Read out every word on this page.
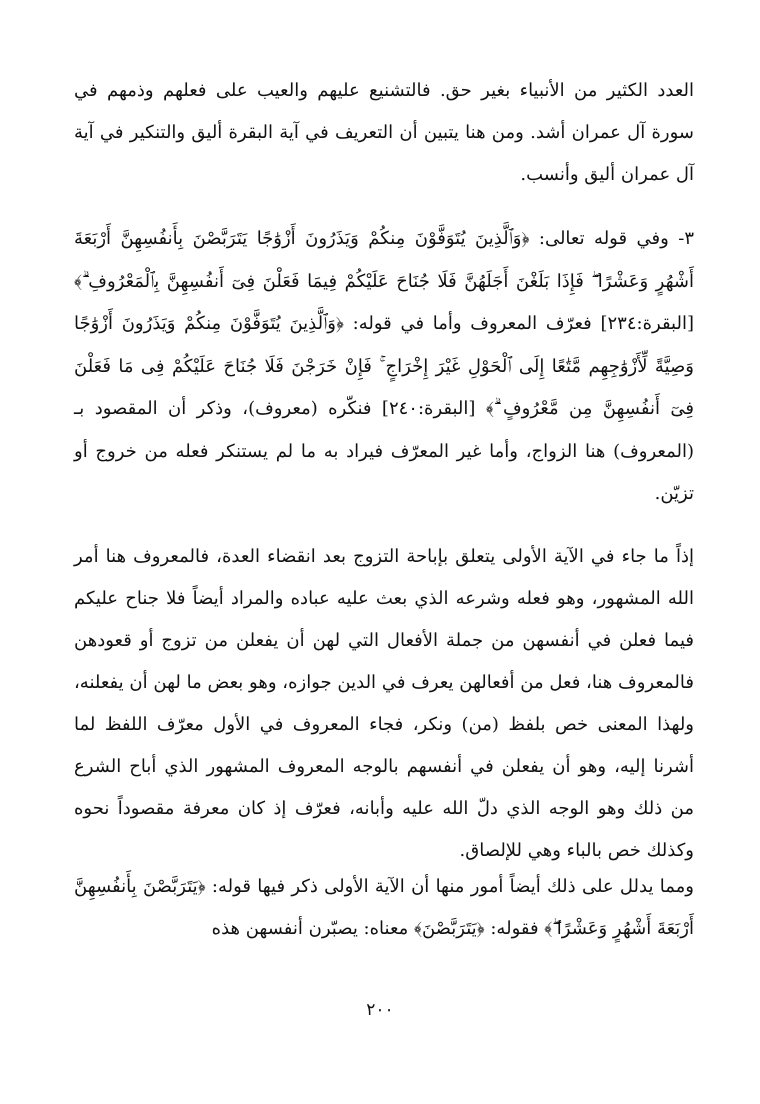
العدد الكثير من الأنبياء بغير حق. فالتشنيع عليهم والعيب على فعلهم وذمهم في سورة آل عمران أشد. ومن هنا يتبين أن التعريف في آية البقرة أليق والتنكير في آية آل عمران أليق وأنسب.

٣- وفي قوله تعالى: ﴿وَٱلَّذِينَ يُتَوَفَّوْنَ مِنكُمْ وَيَذَرُونَ أَزْوَٰجًا يَتَرَبَّصْنَ بِأَنفُسِهِنَّ أَرْبَعَةَ أَشْهُرٍ وَعَشْرًا ۖ فَإِذَا بَلَغْنَ أَجَلَهُنَّ فَلَا جُنَاحَ عَلَيْكُمْ فِيمَا فَعَلْنَ فِىٓ أَنفُسِهِنَّ بِٱلْمَعْرُوفِ ۗ﴾ [البقرة:٢٣٤] فعرّف المعروف وأما في قوله: ﴿وَٱلَّذِينَ يُتَوَفَّوْنَ مِنكُمْ وَيَذَرُونَ أَزْوَٰجًا وَصِيَّةً لِّأَزْوَٰجِهِم مَّتَٰعًا إِلَى ٱلْحَوْلِ غَيْرَ إِخْرَاجٍ ۚ فَإِنْ خَرَجْنَ فَلَا جُنَاحَ عَلَيْكُمْ فِى مَا فَعَلْنَ فِىٓ أَنفُسِهِنَّ مِن مَّعْرُوفٍ ۗ﴾ [البقرة:٢٤٠] فنكّره (معروف)، وذكر أن المقصود بـ (المعروف) هنا الزواج، وأما غير المعرّف فيراد به ما لم يستنكر فعله من خروج أو تزيّن.

إذاً ما جاء في الآية الأولى يتعلق بإباحة التزوج بعد انقضاء العدة، فالمعروف هنا أمر الله المشهور، وهو فعله وشرعه الذي بعث عليه عباده والمراد أيضاً فلا جناح عليكم فيما فعلن في أنفسهن من جملة الأفعال التي لهن أن يفعلن من تزوج أو قعودهن فالمعروف هنا، فعل من أفعالهن يعرف في الدين جوازه، وهو بعض ما لهن أن يفعلنه، ولهذا المعنى خص بلفظ (من) ونكر، فجاء المعروف في الأول معرّف اللفظ لما أشرنا إليه، وهو أن يفعلن في أنفسهم بالوجه المعروف المشهور الذي أباح الشرع من ذلك وهو الوجه الذي دلّ الله عليه وأبانه، فعرّف إذ كان معرفة مقصوداً نحوه وكذلك خص بالباء وهي للإلصاق.

ومما يدلل على ذلك أيضاً أمور منها أن الآية الأولى ذكر فيها قوله: ﴿يَتَرَبَّصْنَ بِأَنفُسِهِنَّ أَرْبَعَةَ أَشْهُرٍ وَعَشْرًا ۖ﴾ فقوله: ﴿يَتَرَبَّصْنَ﴾ معناه: يصبّرن أنفسهن هذه

٢٠٠
